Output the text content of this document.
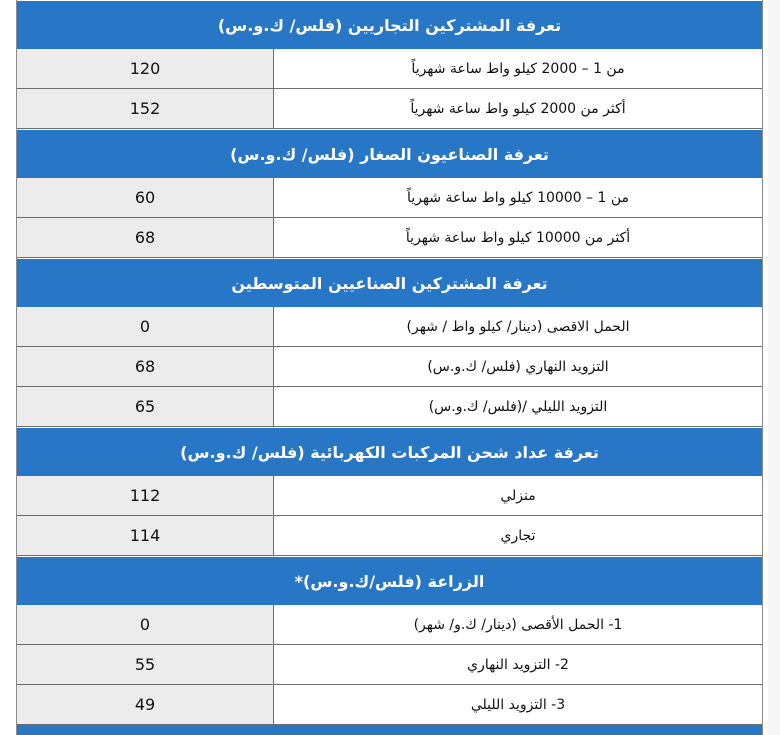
تعرفة المشتركين التجاريين (فلس/ ك.و.س)
120	من 1 – 2000 كيلو واط ساعة شهرياً
152	أكثر من 2000 كيلو واط ساعة شهرياً
تعرفة الصناعيون الصغار (فلس/ ك.و.س)
60	من 1 – 10000 كيلو واط ساعة شهرياً
68	أكثر من 10000 كيلو واط ساعة شهرياً
تعرفة المشتركين الصناعيين المتوسطين
0	الحمل الاقصى (دينار/ كيلو واط / شهر)
68	التزويد النهاري (فلس/ ك.و.س)
65	التزويد الليلي /(فلس/ ك.و.س)
تعرفة عداد شحن المركبات الكهربائية (فلس/ ك.و.س)
112	منزلي
114	تجاري
الزراعة (فلس/ك.و.س)*
0	1- الحمل الأقصى (دينار/ ك.و/ شهر)
55	2- التزويد النهاري
49	3- التزويد الليلي
